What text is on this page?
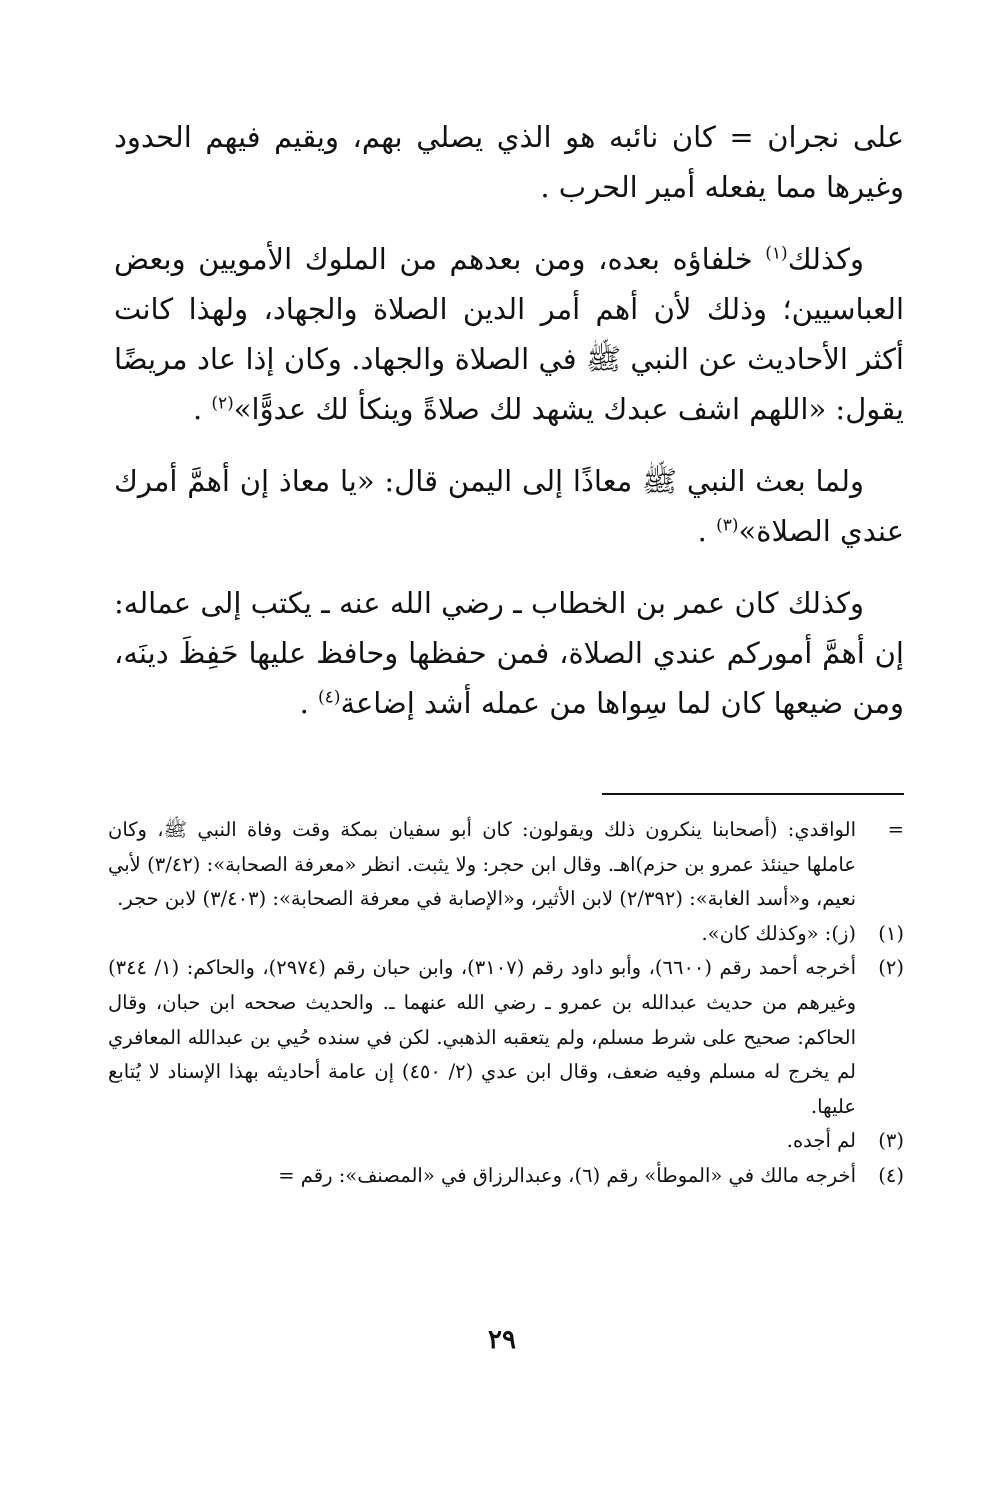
على نجران = كان نائبه هو الذي يصلي بهم، ويقيم فيهم الحدود وغيرها مما يفعله أمير الحرب .

وكذلك$^{(١)}$ خلفاؤه بعده، ومن بعدهم من الملوك الأمويين وبعض العباسيين؛ وذلك لأن أهم أمر الدين الصلاة والجهاد، ولهذا كانت أكثر الأحاديث عن النبي ﷺ في الصلاة والجهاد. وكان إذا عاد مريضًا يقول: «اللهم اشف عبدك يشهد لك صلاةً وينكأ لك عدوًّا»$^{(٢)}$ .

ولما بعث النبي ﷺ معاذًا إلى اليمن قال: «يا معاذ إن أهمَّ أمرك عندي الصلاة»$^{(٣)}$ .

وكذلك كان عمر بن الخطاب ـ رضي الله عنه ـ يكتب إلى عماله: إن أهمَّ أموركم عندي الصلاة، فمن حفظها وحافظ عليها حَفِظَ دينَه، ومن ضيعها كان لما سِواها من عمله أشد إضاعة$^{(٤)}$ .

=
الواقدي: (أصحابنا ينكرون ذلك ويقولون: كان أبو سفيان بمكة وقت وفاة النبي ﷺ، وكان عاملها حينئذ عمرو بن حزم)اهـ. وقال ابن حجر: ولا يثبت. انظر «معرفة الصحابة»: (٣/٤٢) لأبي نعيم، و«أسد الغابة»: (٢/٣٩٢) لابن الأثير، و«الإصابة في معرفة الصحابة»: (٣/٤٠٣) لابن حجر.
(١)
(ز): «وكذلك كان».
(٢)
أخرجه أحمد رقم (٦٦٠٠)، وأبو داود رقم (٣١٠٧)، وابن حبان رقم (٢٩٧٤)، والحاكم: (١/ ٣٤٤) وغيرهم من حديث عبدالله بن عمرو ـ رضي الله عنهما ـ. والحديث صححه ابن حبان، وقال الحاكم: صحيح على شرط مسلم، ولم يتعقبه الذهبي. لكن في سنده حُيي بن عبدالله المعافري لم يخرج له مسلم وفيه ضعف، وقال ابن عدي (٢/ ٤٥٠) إن عامة أحاديثه بهذا الإسناد لا يُتابع عليها.
(٣)
لم أجده.
(٤)
أخرجه مالك في «الموطأ» رقم (٦)، وعبدالرزاق في «المصنف»: رقم =
٢٩
